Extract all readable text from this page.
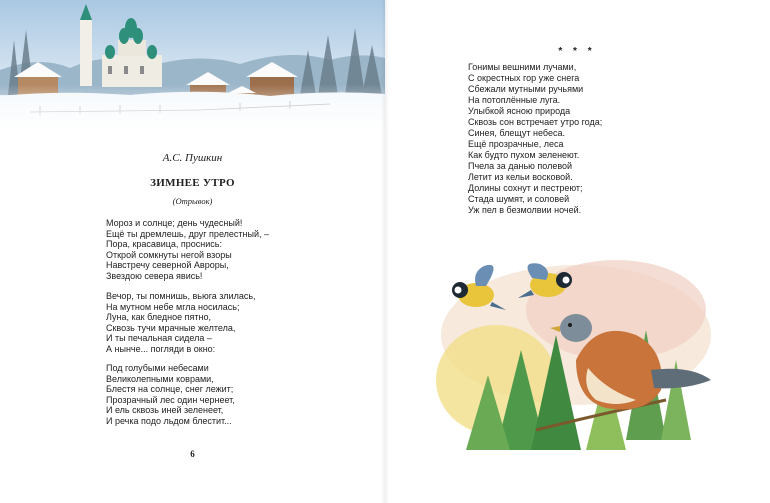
А.С. Пушкин
ЗИМНЕЕ УТРО
(Отрывок)
Мороз и солнце; день чудесный!
Ещё ты дремлешь, друг прелестный, –
Пора, красавица, проснись:
Открой сомкнуты негой взоры
Навстречу северной Авроры,
Звездою севера явись!
Вечор, ты помнишь, вьюга злилась,
На мутном небе мгла носилась;
Луна, как бледное пятно,
Сквозь тучи мрачные желтела,
И ты печальная сидела –
А нынче... погляди в окно:
Под голубыми небесами
Великолепными коврами,
Блестя на солнце, снег лежит;
Прозрачный лес один чернеет,
И ель сквозь иней зеленеет,
И речка подо льдом блестит...
6
* * *
Гонимы вешними лучами,
С окрестных гор уже снега
Сбежали мутными ручьями
На потоплённые луга.
Улыбкой ясною природа
Сквозь сон встречает утро года;
Синея, блещут небеса.
Ещё прозрачные, леса
Как будто пухом зеленеют.
Пчела за данью полевой
Летит из кельи восковой.
Долины сохнут и пестреют;
Стада шумят, и соловей
Уж пел в безмолвии ночей.
